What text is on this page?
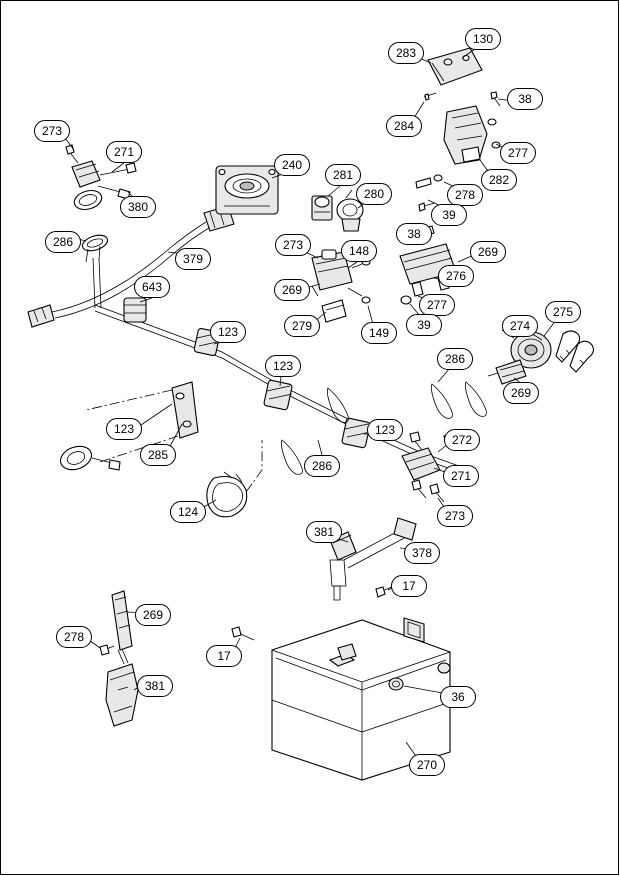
273
271
380
286
379
643
123
123
123
285
124
286
123
240
281
280
273	148
269
279	149
38
269
276
277
39
283
130
284
38
277
282
278
39
275
274
269
286
272
271
273
381
378
17
17
36
270
269
278
381
